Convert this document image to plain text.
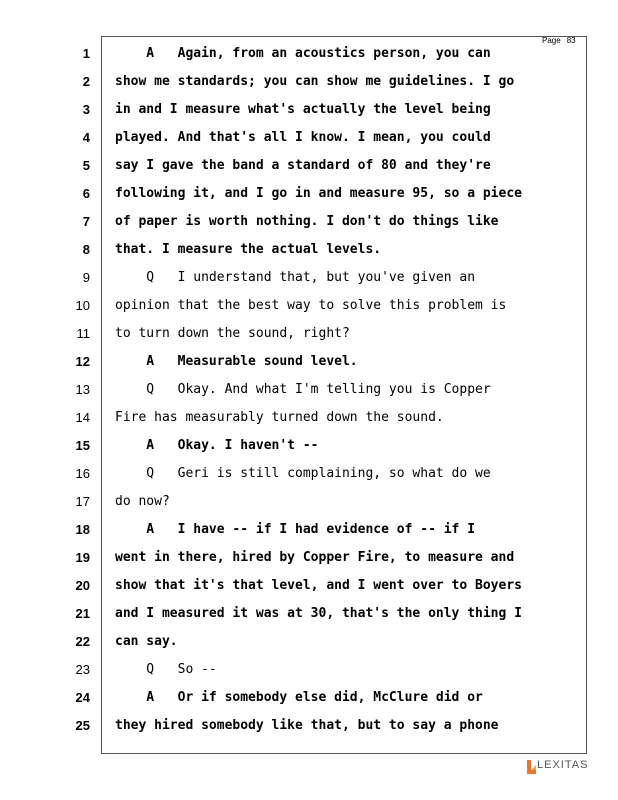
Page 83
1 A   Again, from an acoustics person, you can
2 show me standards; you can show me guidelines. I go
3 in and I measure what's actually the level being
4 played. And that's all I know. I mean, you could
5 say I gave the band a standard of 80 and they're
6 following it, and I go in and measure 95, so a piece
7 of paper is worth nothing. I don't do things like
8 that. I measure the actual levels.
9 Q   I understand that, but you've given an
10 opinion that the best way to solve this problem is
11 to turn down the sound, right?
12 A   Measurable sound level.
13 Q   Okay. And what I'm telling you is Copper
14 Fire has measurably turned down the sound.
15 A   Okay. I haven't --
16 Q   Geri is still complaining, so what do we
17 do now?
18 A   I have -- if I had evidence of -- if I
19 went in there, hired by Copper Fire, to measure and
20 show that it's that level, and I went over to Boyers
21 and I measured it was at 30, that's the only thing I
22 can say.
23 Q   So --
24 A   Or if somebody else did, McClure did or
25 they hired somebody like that, but to say a phone
LEXITAS
